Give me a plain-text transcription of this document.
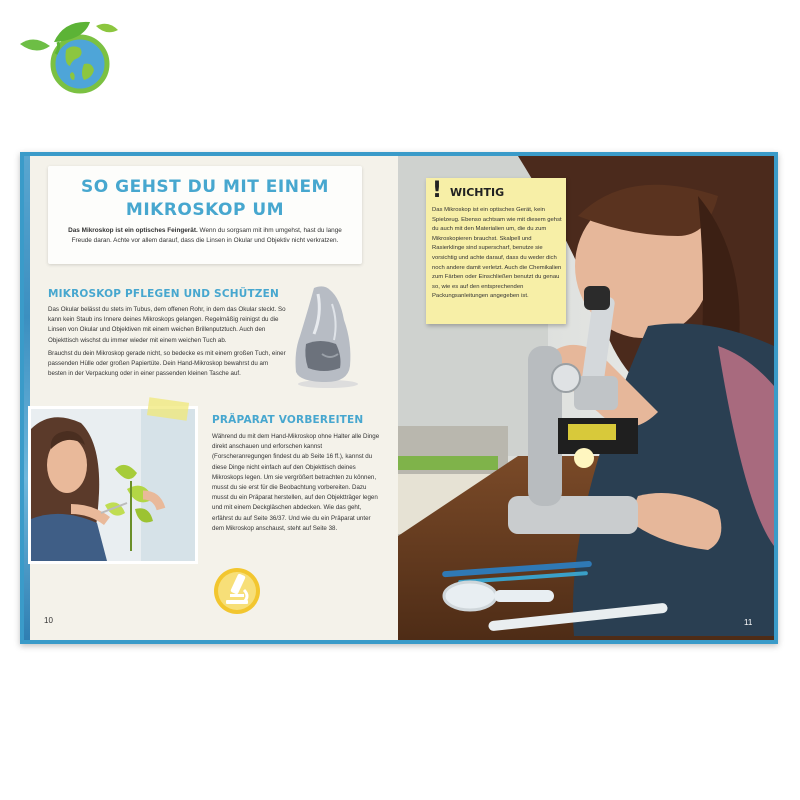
SO GEHST DU MIT EINEM
MIKROSKOP UM
Das Mikroskop ist ein optisches Feingerät. Wenn du sorgsam mit ihm umgehst, hast du lange Freude daran. Achte vor allem darauf, dass die Linsen in Okular und Objektiv nicht verkratzen.
MIKROSKOP PFLEGEN UND SCHÜTZEN

Das Okular belässt du stets im Tubus, dem offenen Rohr, in dem das Okular steckt. So kann kein Staub ins Innere deines Mikroskops gelangen. Regelmäßig reinigst du die Linsen von Okular und Objektiven mit einem weichen Brillenputztuch. Auch den Objekttisch wischst du immer wieder mit einem weichen Tuch ab.

Brauchst du dein Mikroskop gerade nicht, so bedecke es mit einem großen Tuch, einer passenden Hülle oder großen Papiertüte. Dein Hand-Mikroskop bewahrst du am besten in der Verpackung oder in einer passenden kleinen Tasche auf.

PRÄPARAT VORBEREITEN

Während du mit dem Hand-Mikroskop ohne Halter alle Dinge direkt anschauen und erforschen kannst (Forscheranregungen findest du ab Seite 16 ff.), kannst du diese Dinge nicht einfach auf den Objekttisch deines Mikroskops legen. Um sie vergrößert betrachten zu können, musst du sie erst für die Beobachtung vorbereiten. Dazu musst du ein Präparat herstellen, auf den Objektträger legen und mit einem Deckgläschen abdecken. Wie das geht, erfährst du auf Seite 36/37. Und wie du ein Präparat unter dem Mikroskop anschaust, steht auf Seite 38.

10
! WICHTIG
Das Mikroskop ist ein optisches Gerät, kein Spielzeug. Ebenso achtsam wie mit diesem gehst du auch mit den Materialien um, die du zum Mikroskopieren brauchst. Skalpell und Rasierklinge sind superscharf, benutze sie vorsichtig und achte darauf, dass du weder dich noch andere damit verletzt. Auch die Chemikalien zum Färben oder Einschließen benutzt du genau so, wie es auf den entsprechenden Packungsanleitungen angegeben ist.
11
